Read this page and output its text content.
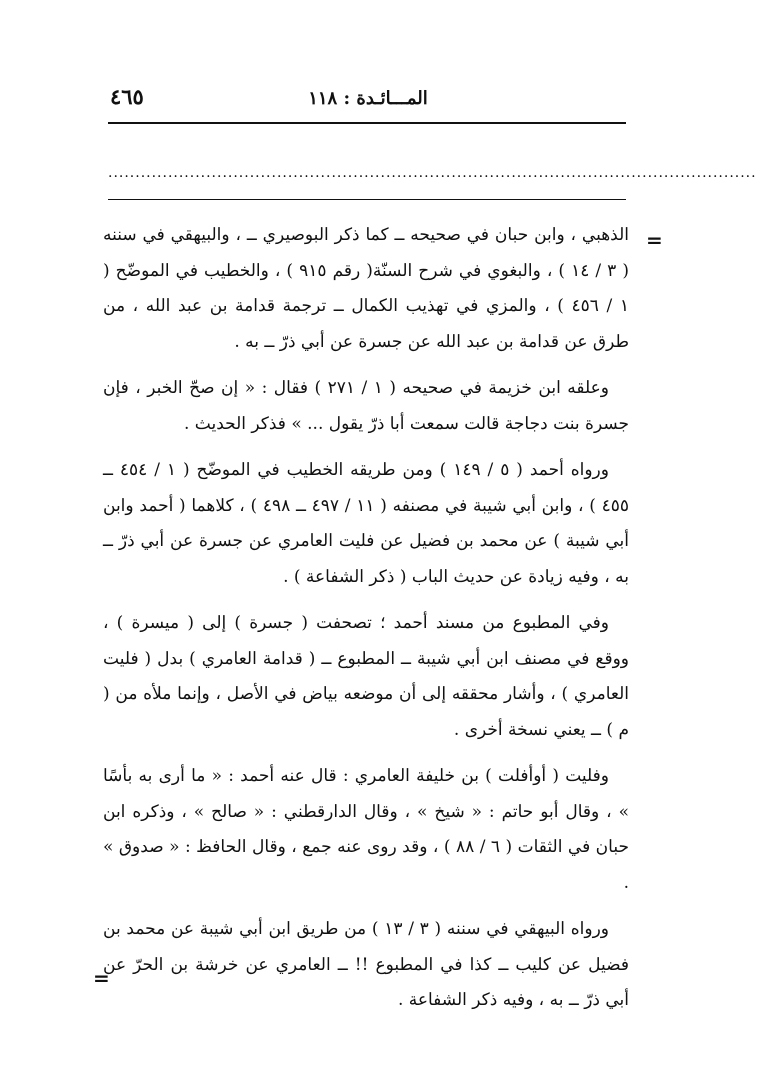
٤٦٥	المـــائـدة : ١١٨
.......................................................................................................................
=

الذهبي ، وابن حبان في صحيحه ــ كما ذكر البوصيري ــ ، والبيهقي في سننه ( ٣ / ١٤ ) ، والبغوي في شرح السنّة( رقم ٩١٥ ) ، والخطيب في الموضّح ( ١ / ٤٥٦ ) ، والمزي في تهذيب الكمال ــ ترجمة قدامة بن عبد الله ، من طرق عن قدامة بن عبد الله عن جسرة عن أبي ذرّ ــ به .

وعلقه ابن خزيمة في صحيحه ( ١ / ٢٧١ ) فقال : « إن صحّ الخبر ، فإن جسرة بنت دجاجة قالت سمعت أبا ذرّ يقول ... » فذكر الحديث .

ورواه أحمد ( ٥ / ١٤٩ ) ومن طريقه الخطيب في الموضّح ( ١ / ٤٥٤ ــ ٤٥٥ ) ، وابن أبي شيبة في مصنفه ( ١١ / ٤٩٧ ــ ٤٩٨ ) ، كلاهما ( أحمد وابن أبي شيبة ) عن محمد بن فضيل عن فليت العامري عن جسرة عن أبي ذرّ ــ به ، وفيه زيادة عن حديث الباب ( ذكر الشفاعة ) .

وفي المطبوع من مسند أحمد ؛ تصحفت ( جسرة ) إلى ( ميسرة ) ، ووقع في مصنف ابن أبي شيبة ــ المطبوع ــ ( قدامة العامري ) بدل ( فليت العامري ) ، وأشار محققه إلى أن موضعه بياض في الأصل ، وإنما ملأه من ( م ) ــ يعني نسخة أخرى .

وفليت ( أوأفلت ) بن خليفة العامري : قال عنه أحمد : « ما أرى به بأسًا » ، وقال أبو حاتم : « شيخ » ، وقال الدارقطني : « صالح » ، وذكره ابن حبان في الثقات ( ٦ / ٨٨ ) ، وقد روى عنه جمع ، وقال الحافظ : « صدوق » .

ورواه البيهقي في سننه ( ٣ / ١٣ ) من طريق ابن أبي شيبة عن محمد بن فضيل عن كليب ــ كذا في المطبوع !! ــ العامري عن خرشة بن الحرّ عن أبي ذرّ ــ به ، وفيه ذكر الشفاعة .

=
